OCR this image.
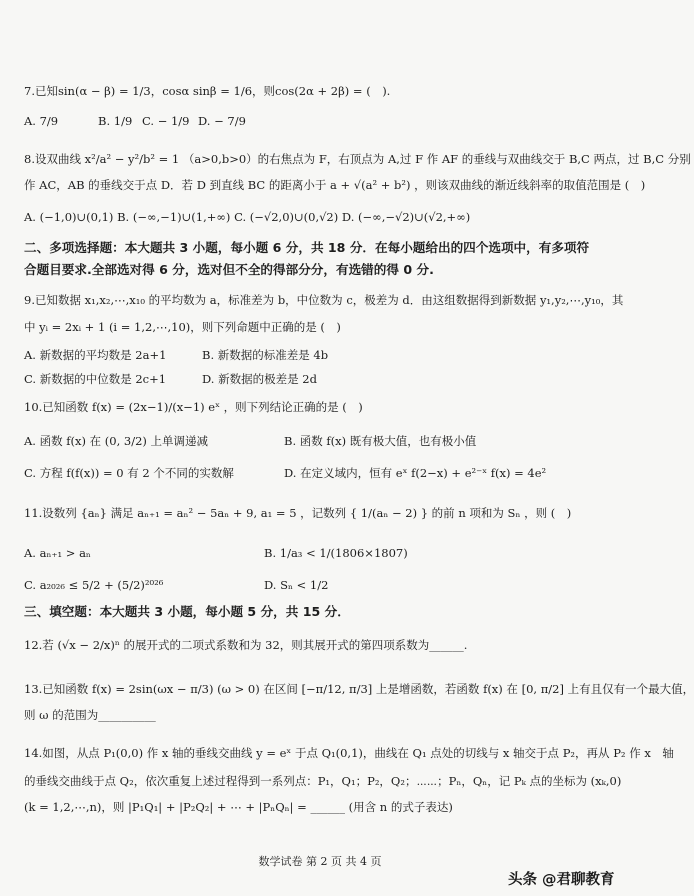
7.已知sin(α − β) = 1/3，cosα sinβ = 1/6，则cos(2α + 2β) = (　).
A. 7/9	B. 1/9 C. − 1/9 D. − 7/9
8.设双曲线 x²/a² − y²/b² = 1 （a>0,b>0）的右焦点为 F，右顶点为 A,过 F 作 AF 的垂线与双曲线交于 B,C 两点，过 B,C 分别
作 AC，AB 的垂线交于点 D．若 D 到直线 BC 的距离小于 a + √(a² + b²) ，则该双曲线的渐近线斜率的取值范围是 (　)
A. (−1,0)∪(0,1) B. (−∞,−1)∪(1,+∞) C. (−√2,0)∪(0,√2) D. (−∞,−√2)∪(√2,+∞)
二、多项选择题：本大题共 3 小题，每小题 6 分，共 18 分．在每小题给出的四个选项中，有多项符
合题目要求.全部选对得 6 分，选对但不全的得部分分，有选错的得 0 分.
9.已知数据 x₁,x₂,⋯,x₁₀ 的平均数为 a，标准差为 b，中位数为 c，极差为 d．由这组数据得到新数据 y₁,y₂,⋯,y₁₀，其
中 yᵢ = 2xᵢ + 1 (i = 1,2,⋯,10)，则下列命题中正确的是 (　)
A. 新数据的平均数是 2a+1	B. 新数据的标准差是 4b
C. 新数据的中位数是 2c+1	D. 新数据的极差是 2d
10.已知函数 f(x) = (2x−1)/(x−1) eˣ ，则下列结论正确的是 (　)
A. 函数 f(x) 在 (0, 3/2) 上单调递减	B. 函数 f(x) 既有极大值，也有极小值
C. 方程 f(f(x)) = 0 有 2 个不同的实数解	D. 在定义域内，恒有 eˣ f(2−x) + e²⁻ˣ f(x) = 4e²
11.设数列 {aₙ} 满足 aₙ₊₁ = aₙ² − 5aₙ + 9, a₁ = 5 ，记数列 { 1/(aₙ − 2) } 的前 n 项和为 Sₙ ，则 (　)
A. aₙ₊₁ > aₙ	B. 1/a₃ < 1/(1806×1807)
C. a₂₀₂₆ ≤ 5/2 + (5/2)²⁰²⁶	D. Sₙ < 1/2
三、填空题：本大题共 3 小题，每小题 5 分，共 15 分．
12.若 (√x − 2/x)ⁿ 的展开式的二项式系数和为 32，则其展开式的第四项系数为______.
13.已知函数 f(x) = 2sin(ωx − π/3) (ω > 0) 在区间 [−π/12, π/3] 上是增函数，若函数 f(x) 在 [0, π/2] 上有且仅有一个最大值，
则 ω 的范围为__________
14.如图，从点 P₁(0,0) 作 x 轴的垂线交曲线 y = eˣ 于点 Q₁(0,1)，曲线在 Q₁ 点处的切线与 x 轴交于点 P₂，再从 P₂ 作 x　轴
的垂线交曲线于点 Q₂，依次重复上述过程得到一系列点：P₁，Q₁；P₂，Q₂；⋯⋯；Pₙ，Qₙ，记 Pₖ 点的坐标为 (xₖ,0)
(k = 1,2,⋯,n)，则 |P₁Q₁| + |P₂Q₂| + ⋯ + |PₙQₙ| = ______ (用含 n 的式子表达)
数学试卷 第 2 页 共 4 页
头条 @君聊教育
